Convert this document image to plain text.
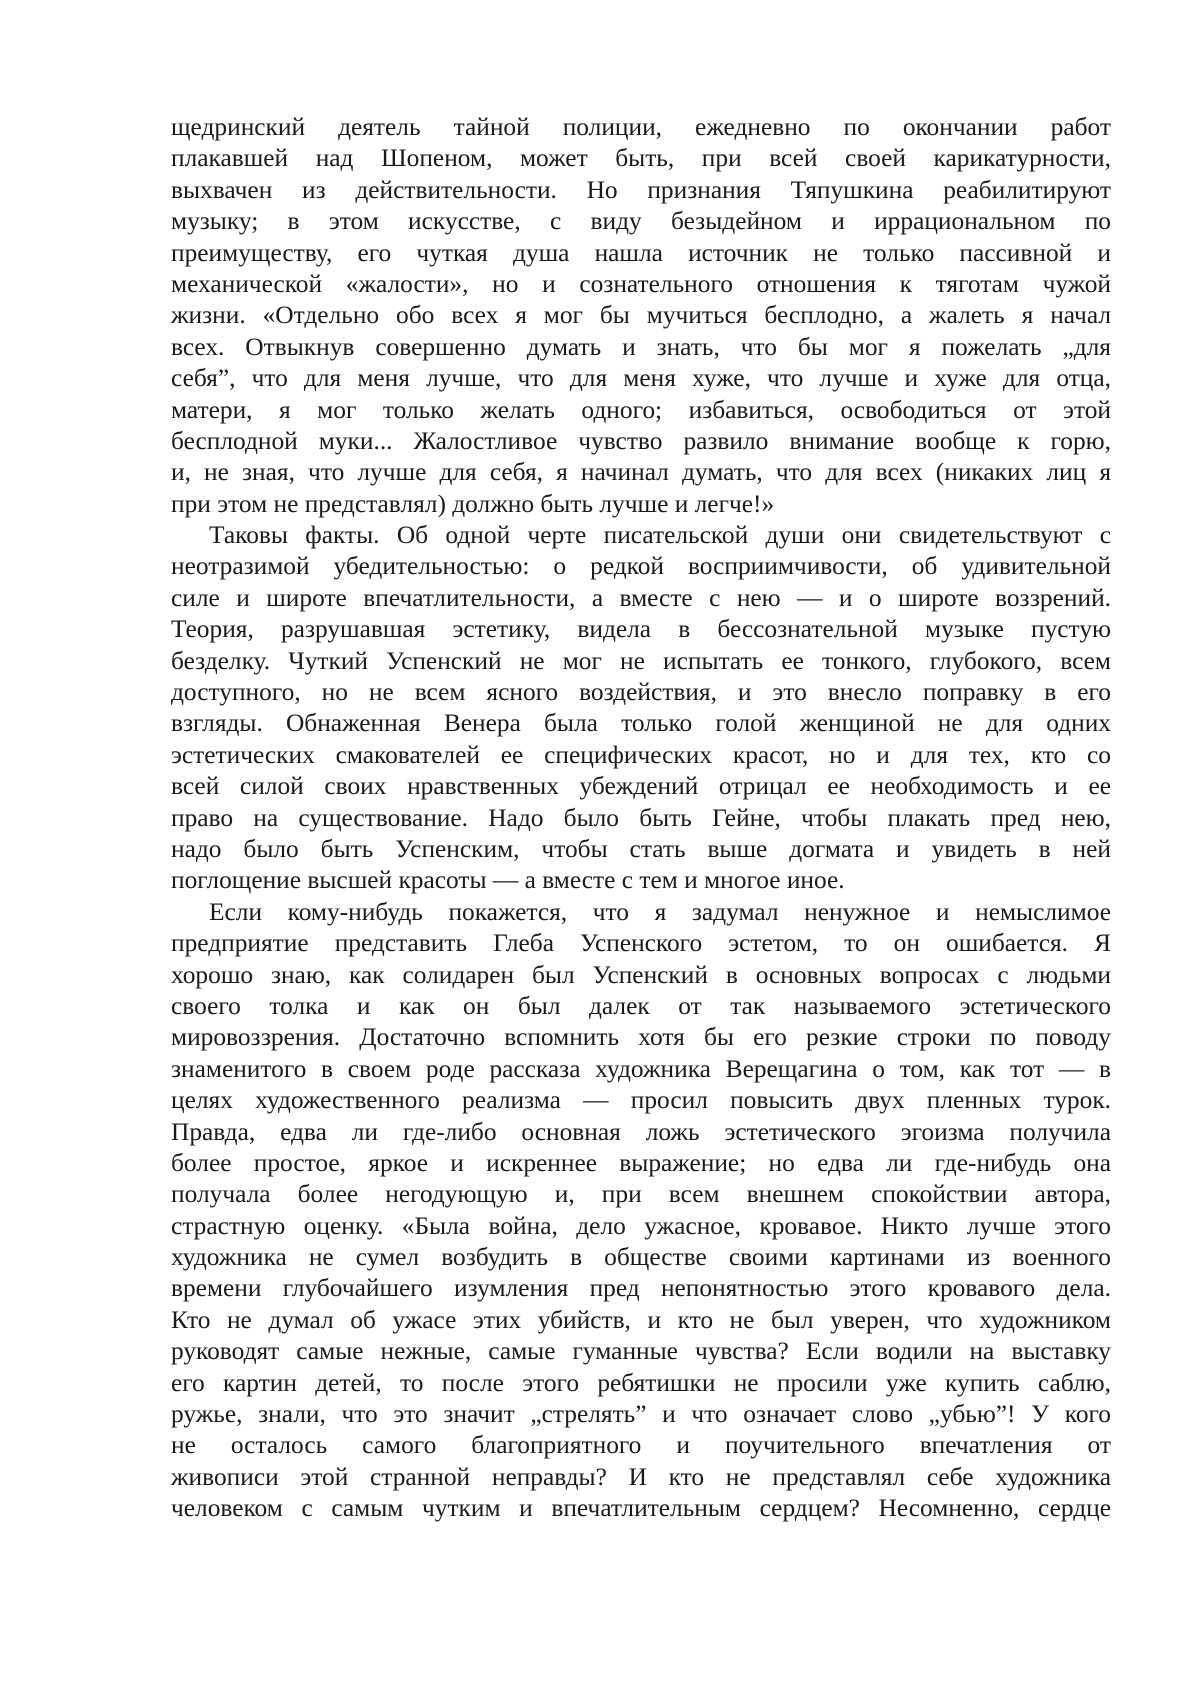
щедринский деятель тайной полиции, ежедневно по окончании работ
плакавшей над Шопеном, может быть, при всей своей карикатурности,
выхвачен из действительности. Но признания Тяпушкина реабилитируют
музыку; в этом искусстве, с виду безыдейном и иррациональном по
преимуществу, его чуткая душа нашла источник не только пассивной и
механической «жалости», но и сознательного отношения к тяготам чужой
жизни. «Отдельно обо всех я мог бы мучиться бесплодно, а жалеть я начал
всех. Отвыкнув совершенно думать и знать, что бы мог я пожелать „для
себя”, что для меня лучше, что для меня хуже, что лучше и хуже для отца,
матери, я мог только желать одного; избавиться, освободиться от этой
бесплодной муки... Жалостливое чувство развило внимание вообще к горю,
и, не зная, что лучше для себя, я начинал думать, что для всех (никаких лиц я
при этом не представлял) должно быть лучше и легче!»
Таковы факты. Об одной черте писательской души они свидетельствуют с
неотразимой убедительностью: о редкой восприимчивости, об удивительной
силе и широте впечатлительности, а вместе с нею — и о широте воззрений.
Теория, разрушавшая эстетику, видела в бессознательной музыке пустую
безделку. Чуткий Успенский не мог не испытать ее тонкого, глубокого, всем
доступного, но не всем ясного воздействия, и это внесло поправку в его
взгляды. Обнаженная Венера была только голой женщиной не для одних
эстетических смакователей ее специфических красот, но и для тех, кто со
всей силой своих нравственных убеждений отрицал ее необходимость и ее
право на существование. Надо было быть Гейне, чтобы плакать пред нею,
надо было быть Успенским, чтобы стать выше догмата и увидеть в ней
поглощение высшей красоты — а вместе с тем и многое иное.
Если кому-нибудь покажется, что я задумал ненужное и немыслимое
предприятие представить Глеба Успенского эстетом, то он ошибается. Я
хорошо знаю, как солидарен был Успенский в основных вопросах с людьми
своего толка и как он был далек от так называемого эстетического
мировоззрения. Достаточно вспомнить хотя бы его резкие строки по поводу
знаменитого в своем роде рассказа художника Верещагина о том, как тот — в
целях художественного реализма — просил повысить двух пленных турок.
Правда, едва ли где-либо основная ложь эстетического эгоизма получила
более простое, яркое и искреннее выражение; но едва ли где-нибудь она
получала более негодующую и, при всем внешнем спокойствии автора,
страстную оценку. «Была война, дело ужасное, кровавое. Никто лучше этого
художника не сумел возбудить в обществе своими картинами из военного
времени глубочайшего изумления пред непонятностью этого кровавого дела.
Кто не думал об ужасе этих убийств, и кто не был уверен, что художником
руководят самые нежные, самые гуманные чувства? Если водили на выставку
его картин детей, то после этого ребятишки не просили уже купить саблю,
ружье, знали, что это значит „стрелять” и что означает слово „убью”! У кого
не осталось самого благоприятного и поучительного впечатления от
живописи этой странной неправды? И кто не представлял себе художника
человеком с самым чутким и впечатлительным сердцем? Несомненно, сердце
